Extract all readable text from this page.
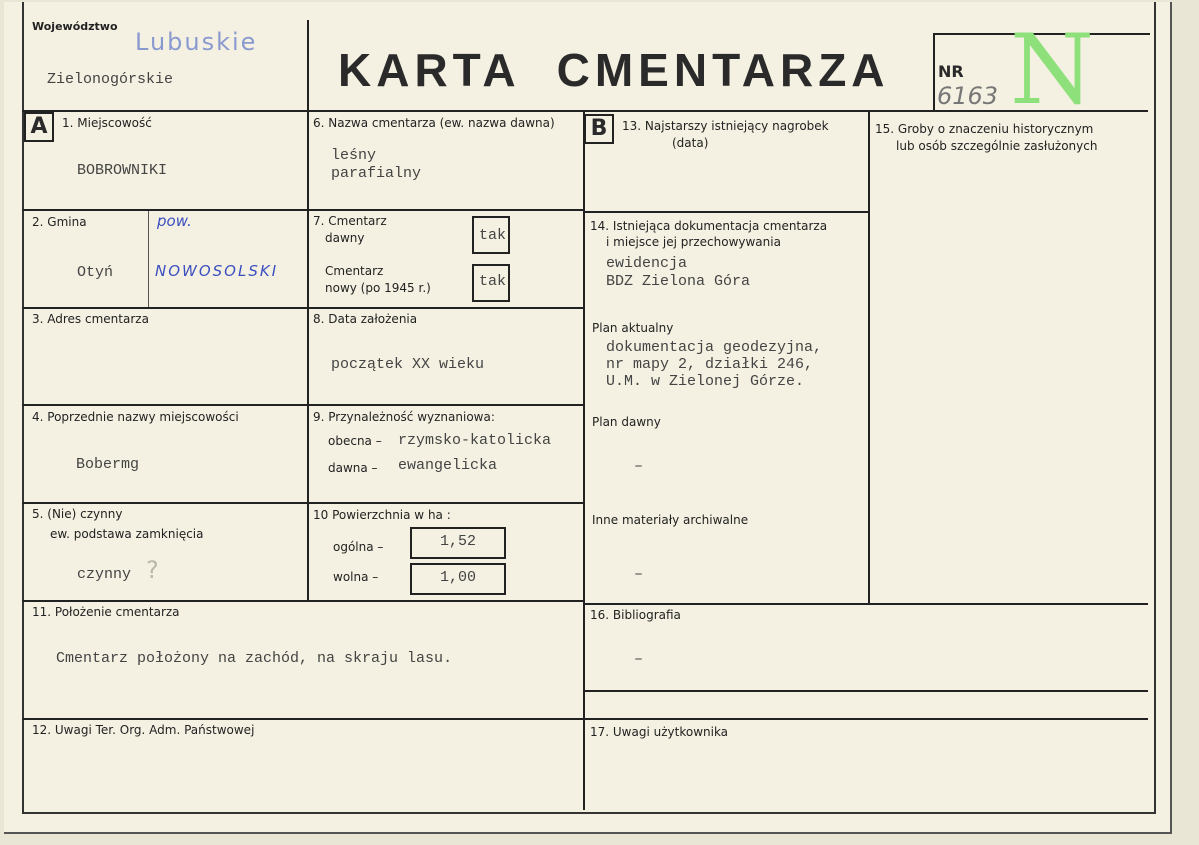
Województwo
Lubuskie
Zielonogórskie	KARTA CMENTARZA	NR
6163 N
A	B
1. Miejscowość
BOBROWNIKI
2. Gmina
Otyń
pow.
NOWOSOLSKI
3. Adres cmentarza
4. Poprzednie nazwy miejscowości
Bobermg
5. (Nie) czynny
ew. podstawa zamknięcia
czynny ?
6. Nazwa cmentarza (ew. nazwa dawna)
leśny
parafialny
7. Cmentarz
dawny	tak
Cmentarz
nowy (po 1945 r.)	tak
8. Data założenia
początek XX wieku
9. Przynależność wyznaniowa:
obecna – rzymsko-katolicka
dawna – ewangelicka
10 Powierzchnia w ha :
ogólna –	1,52
wolna –	1,00
11. Położenie cmentarza
Cmentarz położony na zachód, na skraju lasu.
12. Uwagi Ter. Org. Adm. Państwowej
13. Najstarszy istniejący nagrobek
(data)
14. Istniejąca dokumentacja cmentarza
i miejsce jej przechowywania
ewidencja
BDZ Zielona Góra
Plan aktualny
dokumentacja geodezyjna,
nr mapy 2, działki 246,
U.M. w Zielonej Górze.
Plan dawny
–
Inne materiały archiwalne
–
15. Groby o znaczeniu historycznym
lub osób szczególnie zasłużonych
16. Bibliografia
–
17. Uwagi użytkownika
